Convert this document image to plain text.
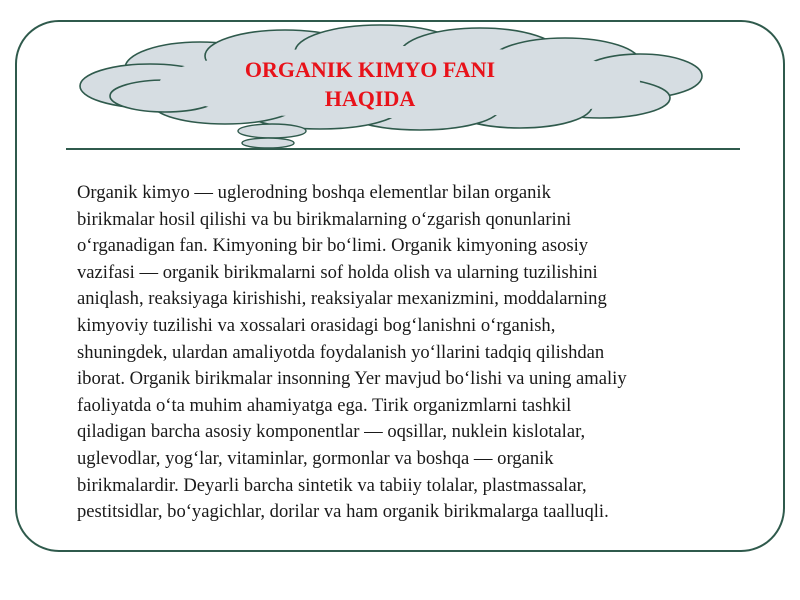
ORGANIK KIMYO FANI
HAQIDA

Organik kimyo — uglerodning boshqa elementlar bilan organik
birikmalar hosil qilishi va bu birikmalarning o‘zgarish qonunlarini
o‘rganadigan fan. Kimyoning bir bo‘limi. Organik kimyoning asosiy
vazifasi — organik birikmalarni sof holda olish va ularning tuzilishini
aniqlash, reaksiyaga kirishishi, reaksiyalar mexanizmini, moddalarning
kimyoviy tuzilishi va xossalari orasidagi bog‘lanishni o‘rganish,
shuningdek, ulardan amaliyotda foydalanish yo‘llarini tadqiq qilishdan
iborat. Organik birikmalar insonning Yer mavjud bo‘lishi va uning amaliy
faoliyatda o‘ta muhim ahamiyatga ega. Tirik organizmlarni tashkil
qiladigan barcha asosiy komponentlar — oqsillar, nuklein kislotalar,
uglevodlar, yog‘lar, vitaminlar, gormonlar va boshqa — organik
birikmalardir. Deyarli barcha sintetik va tabiiy tolalar, plastmassalar,
pestitsidlar, bo‘yagichlar, dorilar va ham organik birikmalarga taalluqli.
